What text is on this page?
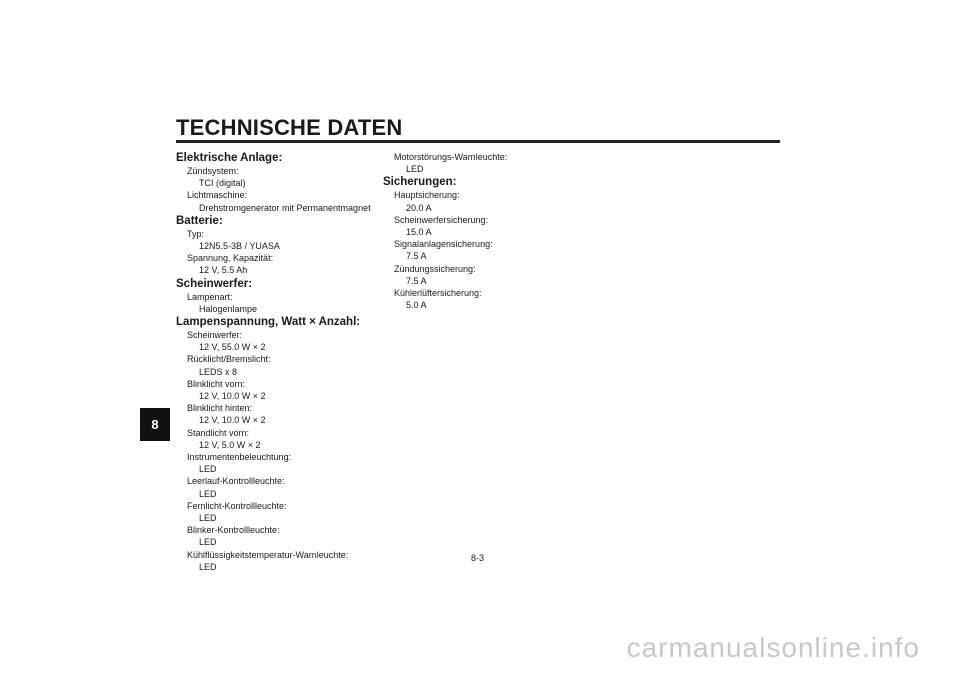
TECHNISCHE DATEN
8
Elektrische Anlage:
Zündsystem:
TCI (digital)
Lichtmaschine:
Drehstromgenerator mit Permanentmagnet
Batterie:
Typ:
12N5.5-3B / YUASA
Spannung, Kapazität:
12 V, 5.5 Ah
Scheinwerfer:
Lampenart:
Halogenlampe
Lampenspannung, Watt × Anzahl:
Scheinwerfer:
12 V, 55.0 W × 2
Rücklicht/Bremslicht:
LEDS x 8
Blinklicht vorn:
12 V, 10.0 W × 2
Blinklicht hinten:
12 V, 10.0 W × 2
Standlicht vorn:
12 V, 5.0 W × 2
Instrumentenbeleuchtung:
LED
Leerlauf-Kontrollleuchte:
LED
Fernlicht-Kontrollleuchte:
LED
Blinker-Kontrollleuchte:
LED
Kühlflüssigkeitstemperatur-Warnleuchte:
LED
Motorstörungs-Warnleuchte:
LED
Sicherungen:
Hauptsicherung:
20.0 A
Scheinwerfersicherung:
15.0 A
Signalanlagensicherung:
7.5 A
Zündungssicherung:
7.5 A
Kühlerlüftersicherung:
5.0 A
8-3
carmanualsonline.info
